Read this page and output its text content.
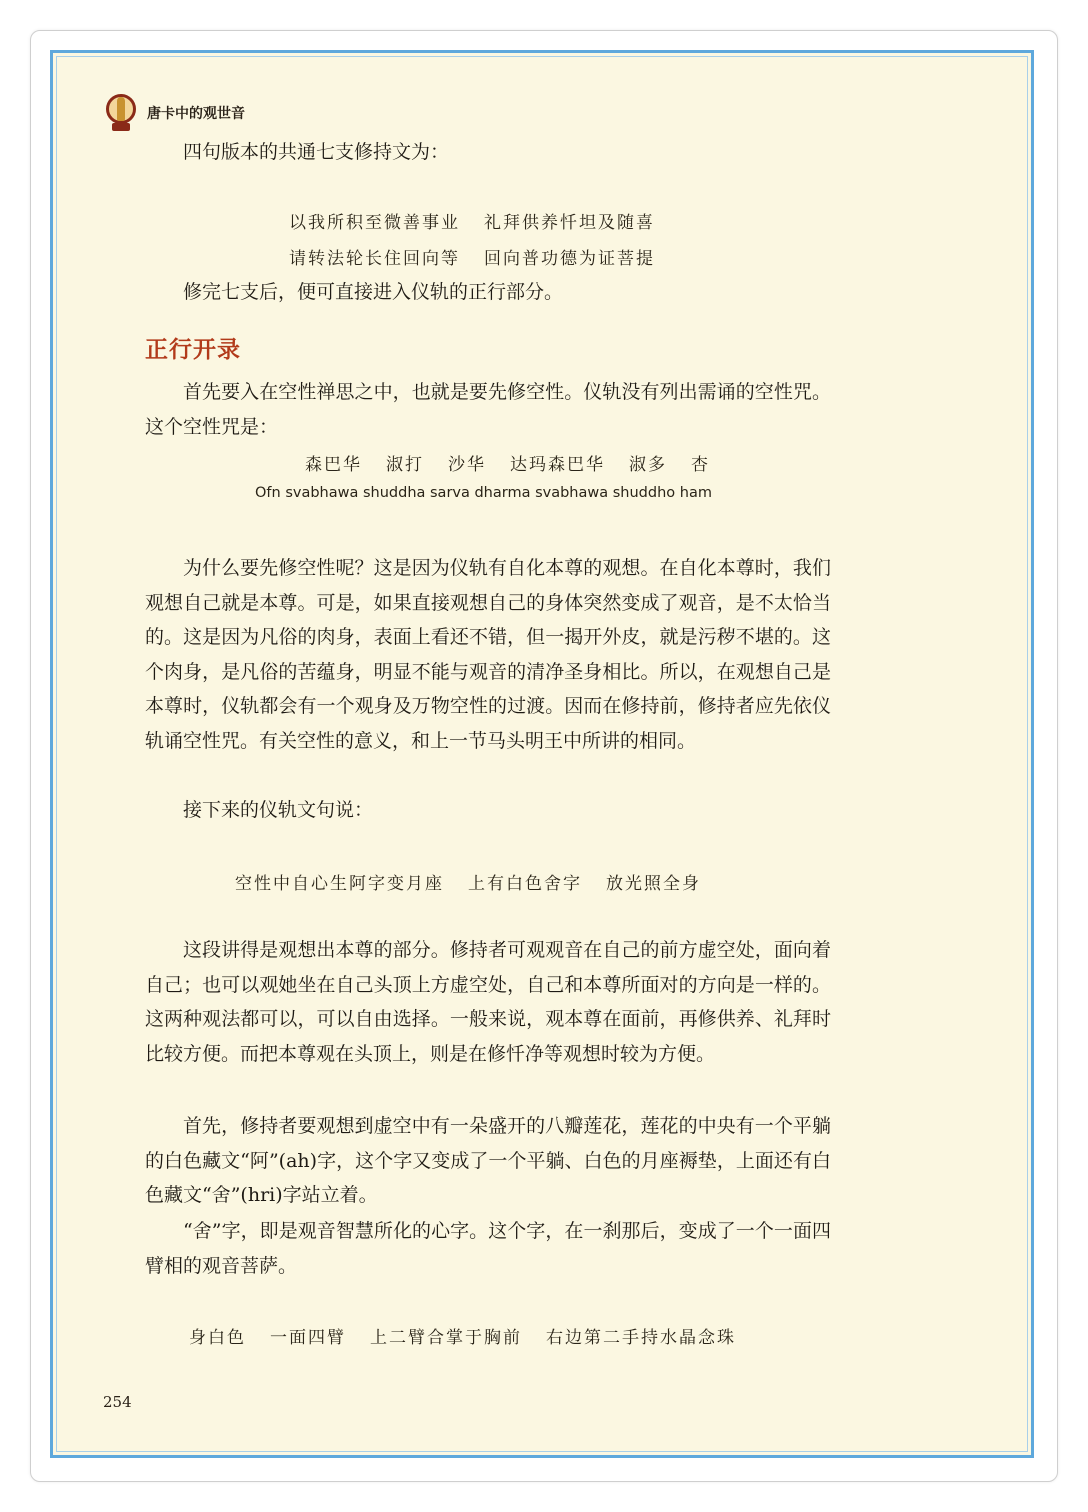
唐卡中的观世音

四句版本的共通七支修持文为：

以我所积至微善事业 礼拜供养忏坦及随喜
请转法轮长住回向等 回向普功德为证菩提

修完七支后，便可直接进入仪轨的正行部分。

正行开录

首先要入在空性禅思之中，也就是要先修空性。仪轨没有列出需诵的空性咒。这个空性咒是：

森巴华 淑打 沙华 达玛森巴华 淑多 杏
Ofn svabhawa shuddha sarva dharma svabhawa shuddho ham

为什么要先修空性呢？这是因为仪轨有自化本尊的观想。在自化本尊时，我们观想自己就是本尊。可是，如果直接观想自己的身体突然变成了观音，是不太恰当的。这是因为凡俗的肉身，表面上看还不错，但一揭开外皮，就是污秽不堪的。这个肉身，是凡俗的苦蕴身，明显不能与观音的清净圣身相比。所以，在观想自己是本尊时，仪轨都会有一个观身及万物空性的过渡。因而在修持前，修持者应先依仪轨诵空性咒。有关空性的意义，和上一节马头明王中所讲的相同。

接下来的仪轨文句说：

空性中自心生阿字变月座 上有白色舍字 放光照全身

这段讲得是观想出本尊的部分。修持者可观观音在自己的前方虚空处，面向着自己；也可以观她坐在自己头顶上方虚空处，自己和本尊所面对的方向是一样的。这两种观法都可以，可以自由选择。一般来说，观本尊在面前，再修供养、礼拜时比较方便。而把本尊观在头顶上，则是在修忏净等观想时较为方便。

首先，修持者要观想到虚空中有一朵盛开的八瓣莲花，莲花的中央有一个平躺的白色藏文“阿”(ah)字，这个字又变成了一个平躺、白色的月座褥垫，上面还有白色藏文“舍”(hri)字站立着。

“舍”字，即是观音智慧所化的心字。这个字，在一刹那后，变成了一个一面四臂相的观音菩萨。

身白色 一面四臂 上二臂合掌于胸前 右边第二手持水晶念珠
254
